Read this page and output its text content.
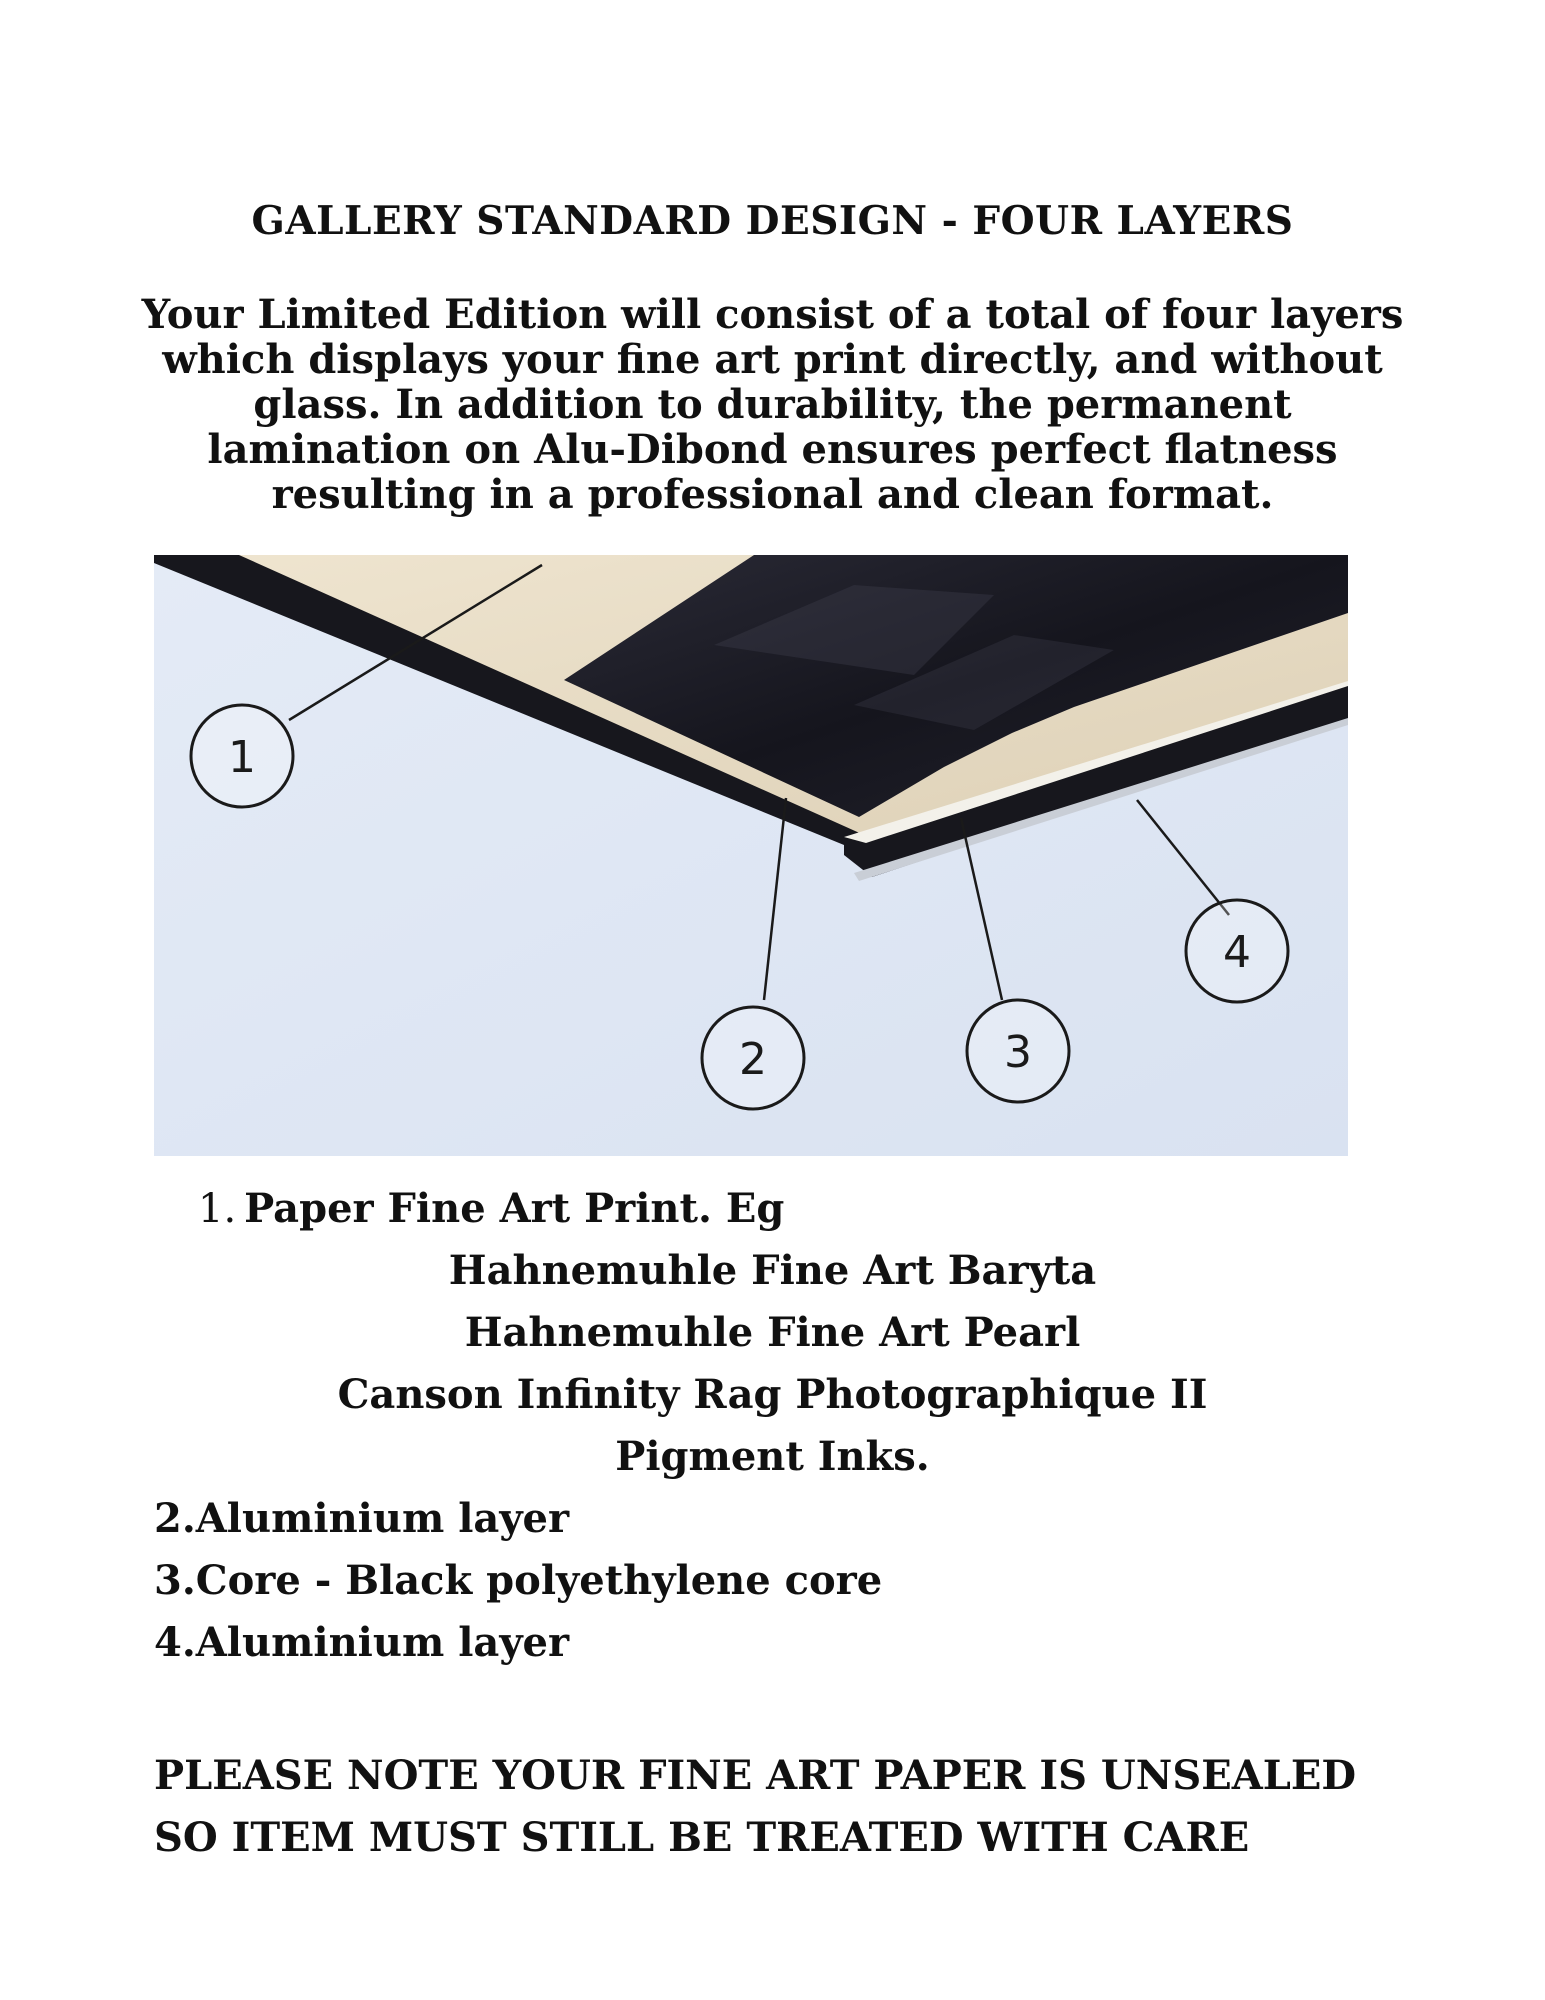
GALLERY STANDARD DESIGN - FOUR LAYERS

Your Limited Edition will consist of a total of four layers which displays your fine art print directly, and without glass. In addition to durability, the permanent lamination on Alu-Dibond ensures perfect flatness resulting in a professional and clean format.

1
2	3
4
1. Paper Fine Art Print. Eg
Hahnemuhle Fine Art Baryta
Hahnemuhle Fine Art Pearl
Canson Infinity Rag Photographique II
Pigment Inks.
2.Aluminium layer
3.Core - Black polyethylene core
4.Aluminium layer

PLEASE NOTE YOUR FINE ART PAPER IS UNSEALED SO ITEM MUST STILL BE TREATED WITH CARE
